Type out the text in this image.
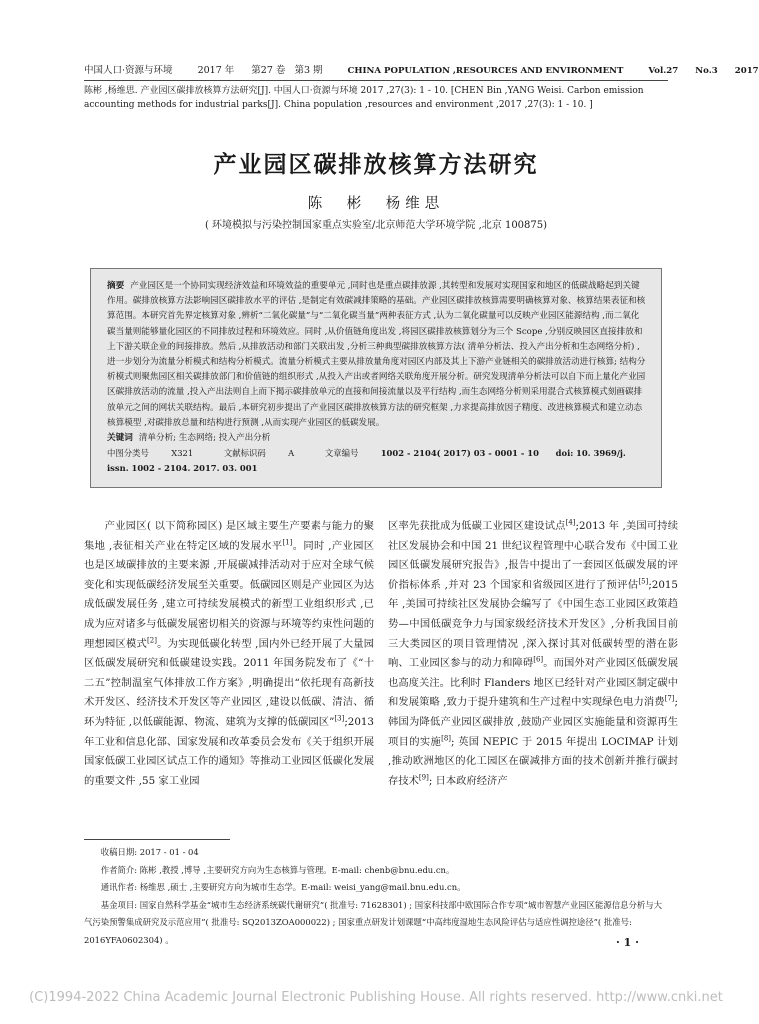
中国人口·资源与环境	2017 年 第27 卷 第3 期	CHINA POPULATION ,RESOURCES AND ENVIRONMENT	Vol.27 No.3 2017
陈彬 ,杨维思. 产业园区碳排放核算方法研究[J]. 中国人口·资源与环境 2017 ,27(3): 1 - 10. [CHEN Bin ,YANG Weisi. Carbon emission accounting methods for industrial parks[J]. China population ,resources and environment ,2017 ,27(3): 1 - 10. ]
产业园区碳排放核算方法研究
陈　彬　杨维思
( 环境模拟与污染控制国家重点实验室/北京师范大学环境学院 ,北京 100875)
摘要 产业园区是一个协同实现经济效益和环境效益的重要单元 ,同时也是重点碳排放源 ,其转型和发展对实现国家和地区的低碳战略起到关键作用。碳排放核算方法影响园区碳排放水平的评估 ,是制定有效碳减排策略的基础。产业园区碳排放核算需要明确核算对象、核算结果表征和核算范围。本研究首先界定核算对象 ,辨析“二氧化碳量”与“二氧化碳当量”两种表征方式 ,认为二氧化碳量可以反映产业园区能源结构 ,而二氧化碳当量则能够量化园区的不同排放过程和环境效应。同时 ,从价值链角度出发 ,将园区碳排放核算划分为三个 Scope ,分别反映园区直接排放和上下游关联企业的间接排放。然后 ,从排放活动和部门关联出发 ,分析三种典型碳排放核算方法( 清单分析法、投入产出分析和生态网络分析) ,进一步划分为流量分析模式和结构分析模式。流量分析模式主要从排放量角度对园区内部及其上下游产业链相关的碳排放活动进行核算; 结构分析模式则聚焦园区相关碳排放部门和价值链的组织形式 ,从投入产出或者网络关联角度开展分析。研究发现清单分析法可以自下而上量化产业园区碳排放活动的流量 ,投入产出法则自上而下揭示碳排放单元的直接和间接流量以及平行结构 ,而生态网络分析则采用混合式核算模式刻画碳排放单元之间的网状关联结构。最后 ,本研究初步提出了产业园区碳排放核算方法的研究框架 ,力求提高排放因子精度、改进核算模式和建立动态核算模型 ,对碳排放总量和结构进行预测 ,从而实现产业园区的低碳发展。
关键词 清单分析; 生态网络; 投入产出分析
中图分类号　	X321	文献标识码　	A	文章编号　	1002 - 2104( 2017) 03 - 0001 - 10 doi: 10. 3969/j. issn. 1002 - 2104. 2017. 03. 001
产业园区( 以下简称园区) 是区域主要生产要素与能力的聚集地 ,表征相关产业在特定区域的发展水平[1]。同时 ,产业园区也是区域碳排放的主要来源 ,开展碳减排活动对于应对全球气候变化和实现低碳经济发展至关重要。低碳园区则是产业园区为达成低碳发展任务 ,建立可持续发展模式的新型工业组织形式 ,已成为应对诸多与低碳发展密切相关的资源与环境等约束性问题的理想园区模式[2]。为实现低碳化转型 ,国内外已经开展了大量园区低碳发展研究和低碳建设实践。2011 年国务院发布了《“十二五”控制温室气体排放工作方案》,明确提出“依托现有高新技术开发区、经济技术开发区等产业园区 ,建设以低碳、清洁、循环为特征 ,以低碳能源、物流、建筑为支撑的低碳园区”[3];2013 年工业和信息化部、国家发展和改革委员会发布《关于组织开展国家低碳工业园区试点工作的通知》等推动工业园区低碳化发展的重要文件 ,55 家工业园
区率先获批成为低碳工业园区建设试点[4];2013 年 ,美国可持续社区发展协会和中国 21 世纪议程管理中心联合发布《中国工业园区低碳发展研究报告》,报告中提出了一套园区低碳发展的评价指标体系 ,并对 23 个国家和省级园区进行了预评估[5];2015 年 ,美国可持续社区发展协会编写了《中国生态工业园区政策趋势—中国低碳竞争力与国家级经济技术开发区》,分析我国目前三大类园区的项目管理情况 ,深入探讨其对低碳转型的潜在影响、工业园区参与的动力和障碍[6]。而国外对产业园区低碳发展也高度关注。比利时 Flanders 地区已经针对产业园区制定碳中和发展策略 ,致力于提升建筑和生产过程中实现绿色电力消费[7]; 韩国为降低产业园区碳排放 ,鼓励产业园区实施能量和资源再生项目的实施[8]; 英国 NEPIC 于 2015 年提出 LOCIMAP 计划 ,推动欧洲地区的化工园区在碳减排方面的技术创新并推行碳封存技术[9]; 日本政府经济产

收稿日期: 2017 - 01 - 04

作者简介: 陈彬 ,教授 ,博导 ,主要研究方向为生态核算与管理。E-mail: chenb@bnu.edu.cn。

通讯作者: 杨维思 ,硕士 ,主要研究方向为城市生态学。E-mail: weisi_yang@mail.bnu.edu.cn。

基金项目: 国家自然科学基金“城市生态经济系统碳代谢研究”( 批准号: 71628301) ; 国家科技部中欧国际合作专项“城市智慧产业园区能源信息分析与大气污染预警集成研究及示范应用”( 批准号: SQ2013ZOA000022) ; 国家重点研发计划课题“中高纬度湿地生态风险评估与适应性调控途径”( 批准号: 2016YFA0602304) 。	· 1 ·
(C)1994-2022 China Academic Journal Electronic Publishing House. All rights reserved. http://www.cnki.net
